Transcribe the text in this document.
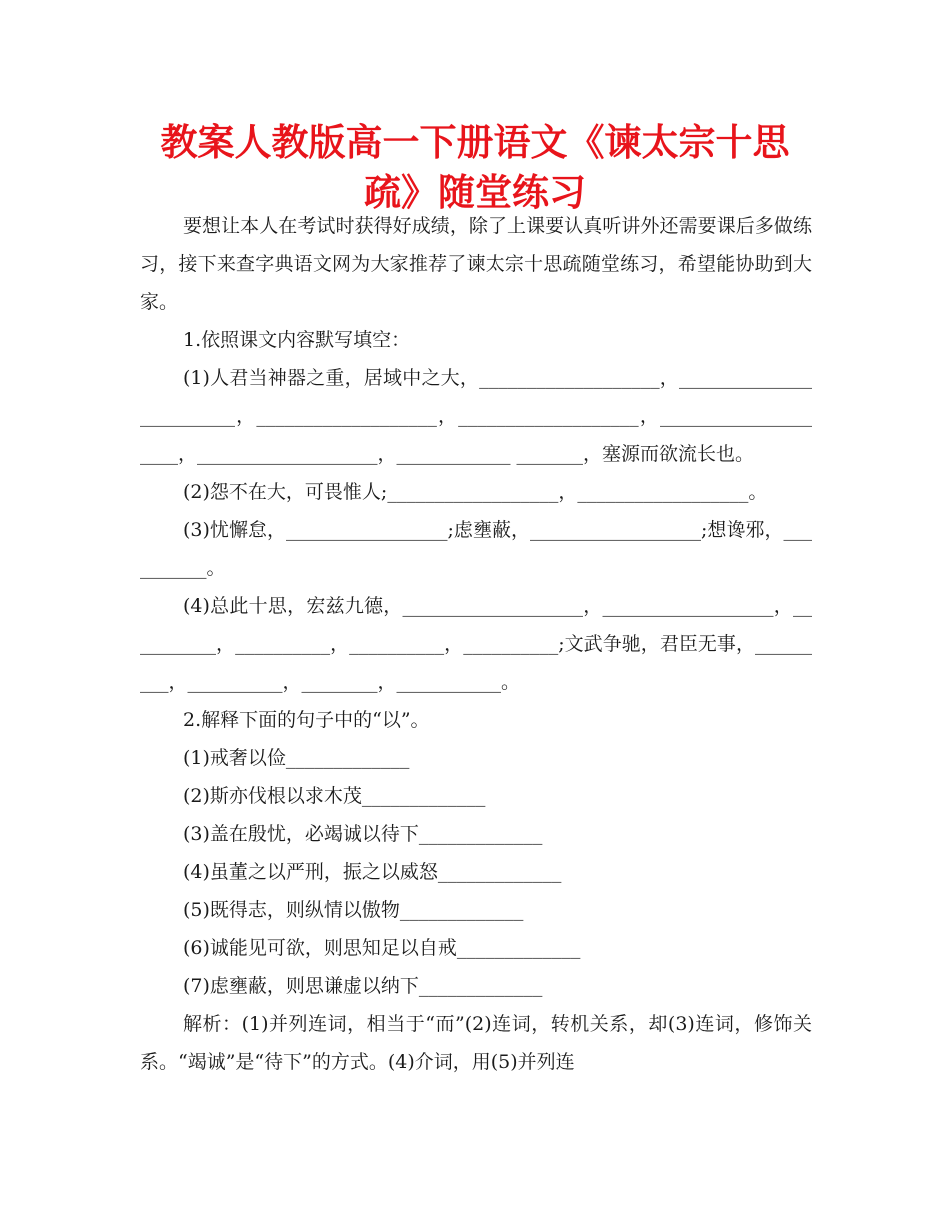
教案人教版高一下册语文《谏太宗十思疏》随堂练习

要想让本人在考试时获得好成绩，除了上课要认真听讲外还需要课后多做练习，接下来查字典语文网为大家推荐了谏太宗十思疏随堂练习，希望能协助到大家。

1.依照课文内容默写填空：

(1)人君当神器之重，居域中之大，___________________，________________________，___________________，___________________，____________________，___________________，____________ _______，塞源而欲流长也。

(2)怨不在大，可畏惟人;__________________，__________________。

(3)忧懈怠，_________________;虑壅蔽，__________________;想谗邪，__________。

(4)总此十思，宏兹九德，___________________，__________________，__________，__________，__________，__________;文武争驰，君臣无事，_________，__________，________，___________。

2.解释下面的句子中的“以”。

(1)戒奢以俭_____________

(2)斯亦伐根以求木茂_____________

(3)盖在殷忧，必竭诚以待下_____________

(4)虽董之以严刑，振之以威怒_____________

(5)既得志，则纵情以傲物_____________

(6)诚能见可欲，则思知足以自戒_____________

(7)虑壅蔽，则思谦虚以纳下_____________

解析：(1)并列连词，相当于“而”(2)连词，转机关系，却(3)连词，修饰关系。“竭诚”是“待下”的方式。(4)介词，用(5)并列连
